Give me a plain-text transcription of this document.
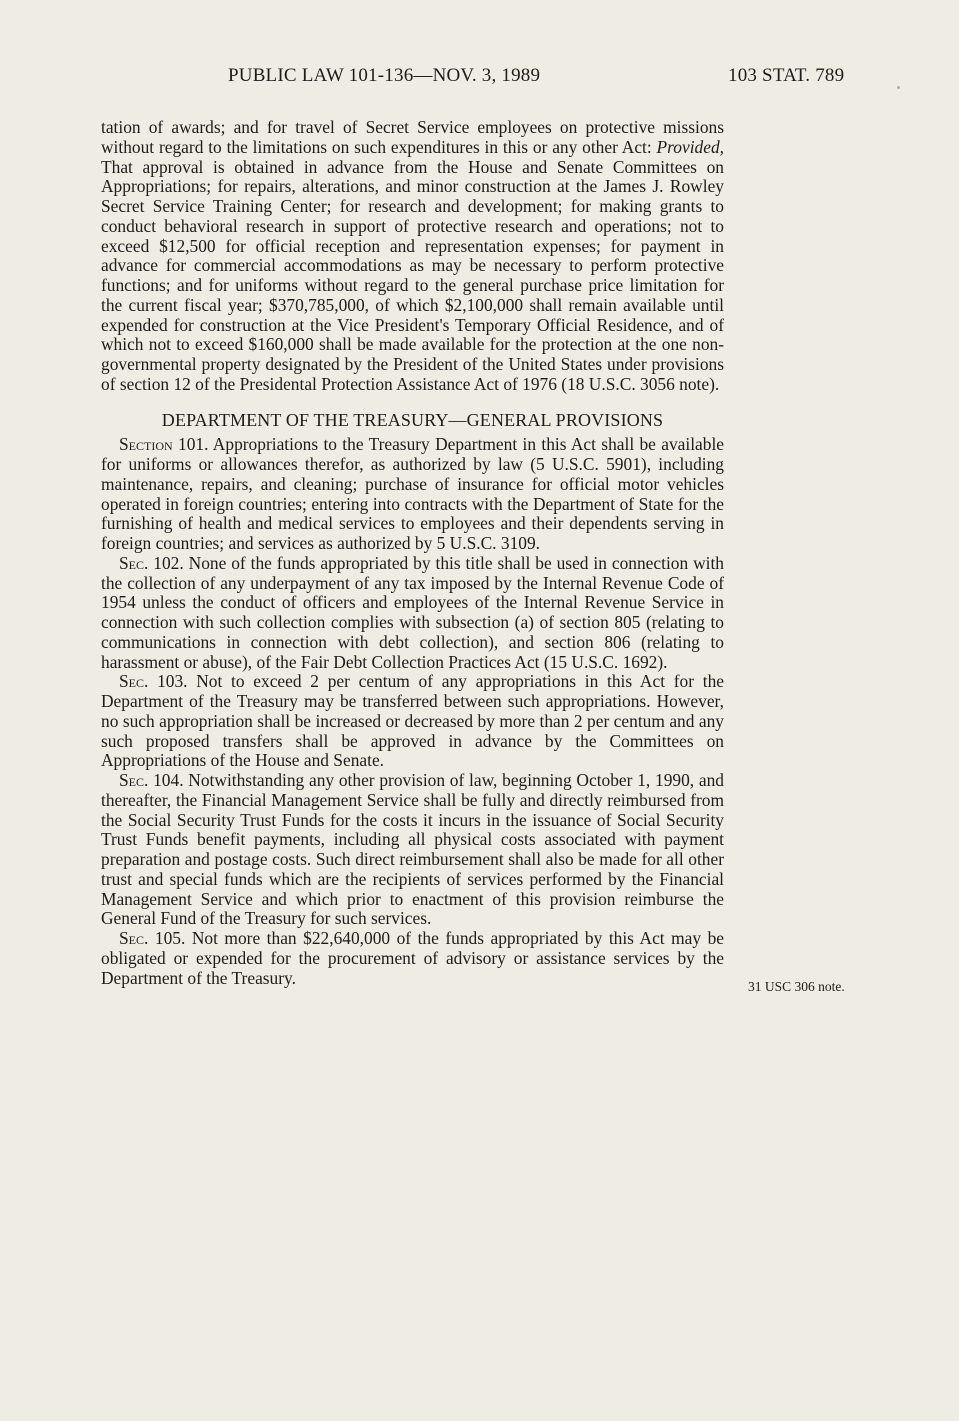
PUBLIC LAW 101-136—NOV. 3, 1989	103 STAT. 789

tation of awards; and for travel of Secret Service employees on protective missions without regard to the limitations on such expenditures in this or any other Act: Provided, That approval is obtained in advance from the House and Senate Committees on Appropriations; for repairs, alterations, and minor construction at the James J. Rowley Secret Service Training Center; for research and development; for making grants to conduct behavioral research in support of protective research and operations; not to exceed $12,500 for official reception and representation expenses; for payment in advance for commercial accommodations as may be necessary to perform protective functions; and for uniforms without regard to the general purchase price limitation for the current fiscal year; $370,785,000, of which $2,100,000 shall remain available until expended for construction at the Vice President's Temporary Official Residence, and of which not to exceed $160,000 shall be made available for the protection at the one non-governmental property designated by the President of the United States under provisions of section 12 of the Presidental Protection Assistance Act of 1976 (18 U.S.C. 3056 note).

DEPARTMENT OF THE TREASURY—GENERAL PROVISIONS

Section 101. Appropriations to the Treasury Department in this Act shall be available for uniforms or allowances therefor, as authorized by law (5 U.S.C. 5901), including maintenance, repairs, and cleaning; purchase of insurance for official motor vehicles operated in foreign countries; entering into contracts with the Department of State for the furnishing of health and medical services to employees and their dependents serving in foreign countries; and services as authorized by 5 U.S.C. 3109.

Sec. 102. None of the funds appropriated by this title shall be used in connection with the collection of any underpayment of any tax imposed by the Internal Revenue Code of 1954 unless the conduct of officers and employees of the Internal Revenue Service in connection with such collection complies with subsection (a) of section 805 (relating to communications in connection with debt collection), and section 806 (relating to harassment or abuse), of the Fair Debt Collection Practices Act (15 U.S.C. 1692).

Sec. 103. Not to exceed 2 per centum of any appropriations in this Act for the Department of the Treasury may be transferred between such appropriations. However, no such appropriation shall be increased or decreased by more than 2 per centum and any such proposed transfers shall be approved in advance by the Committees on Appropriations of the House and Senate.

Sec. 104. Notwithstanding any other provision of law, beginning October 1, 1990, and thereafter, the Financial Management Service shall be fully and directly reimbursed from the Social Security Trust Funds for the costs it incurs in the issuance of Social Security Trust Funds benefit payments, including all physical costs associated with payment preparation and postage costs. Such direct reimbursement shall also be made for all other trust and special funds which are the recipients of services performed by the Financial Management Service and which prior to enactment of this provision reimburse the General Fund of the Treasury for such services.

Sec. 105. Not more than $22,640,000 of the funds appropriated by this Act may be obligated or expended for the procurement of advisory or assistance services by the Department of the Treasury.	31 USC 306 note.
